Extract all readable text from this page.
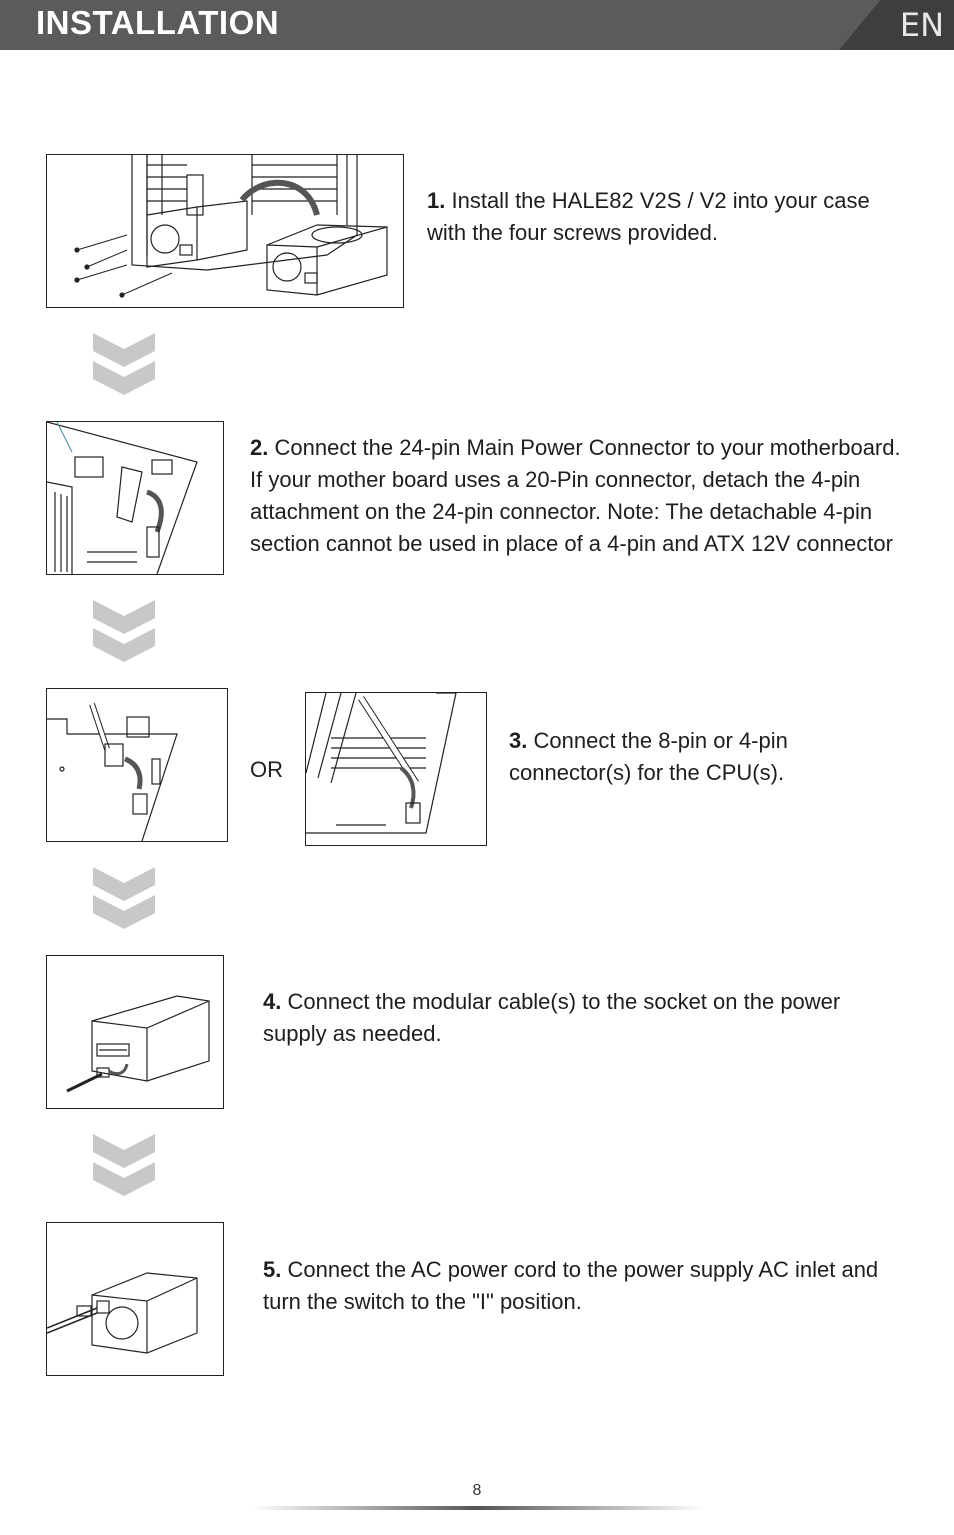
INSTALLATION	EN
1. Install the HALE82 V2S / V2 into your case with the four screws provided.
2. Connect the 24-pin Main Power Connector to your motherboard. If your mother board uses a 20-Pin connector, detach the 4-pin attachment on the 24-pin connector. Note: The detachable 4-pin section cannot be used in place of a 4-pin and ATX 12V connector
OR
3. Connect the 8-pin or 4-pin connector(s) for the CPU(s).
4. Connect the modular cable(s) to the socket on the power supply as needed.
5. Connect the AC power cord to the power supply AC inlet and turn the switch to the "I" position.
8
